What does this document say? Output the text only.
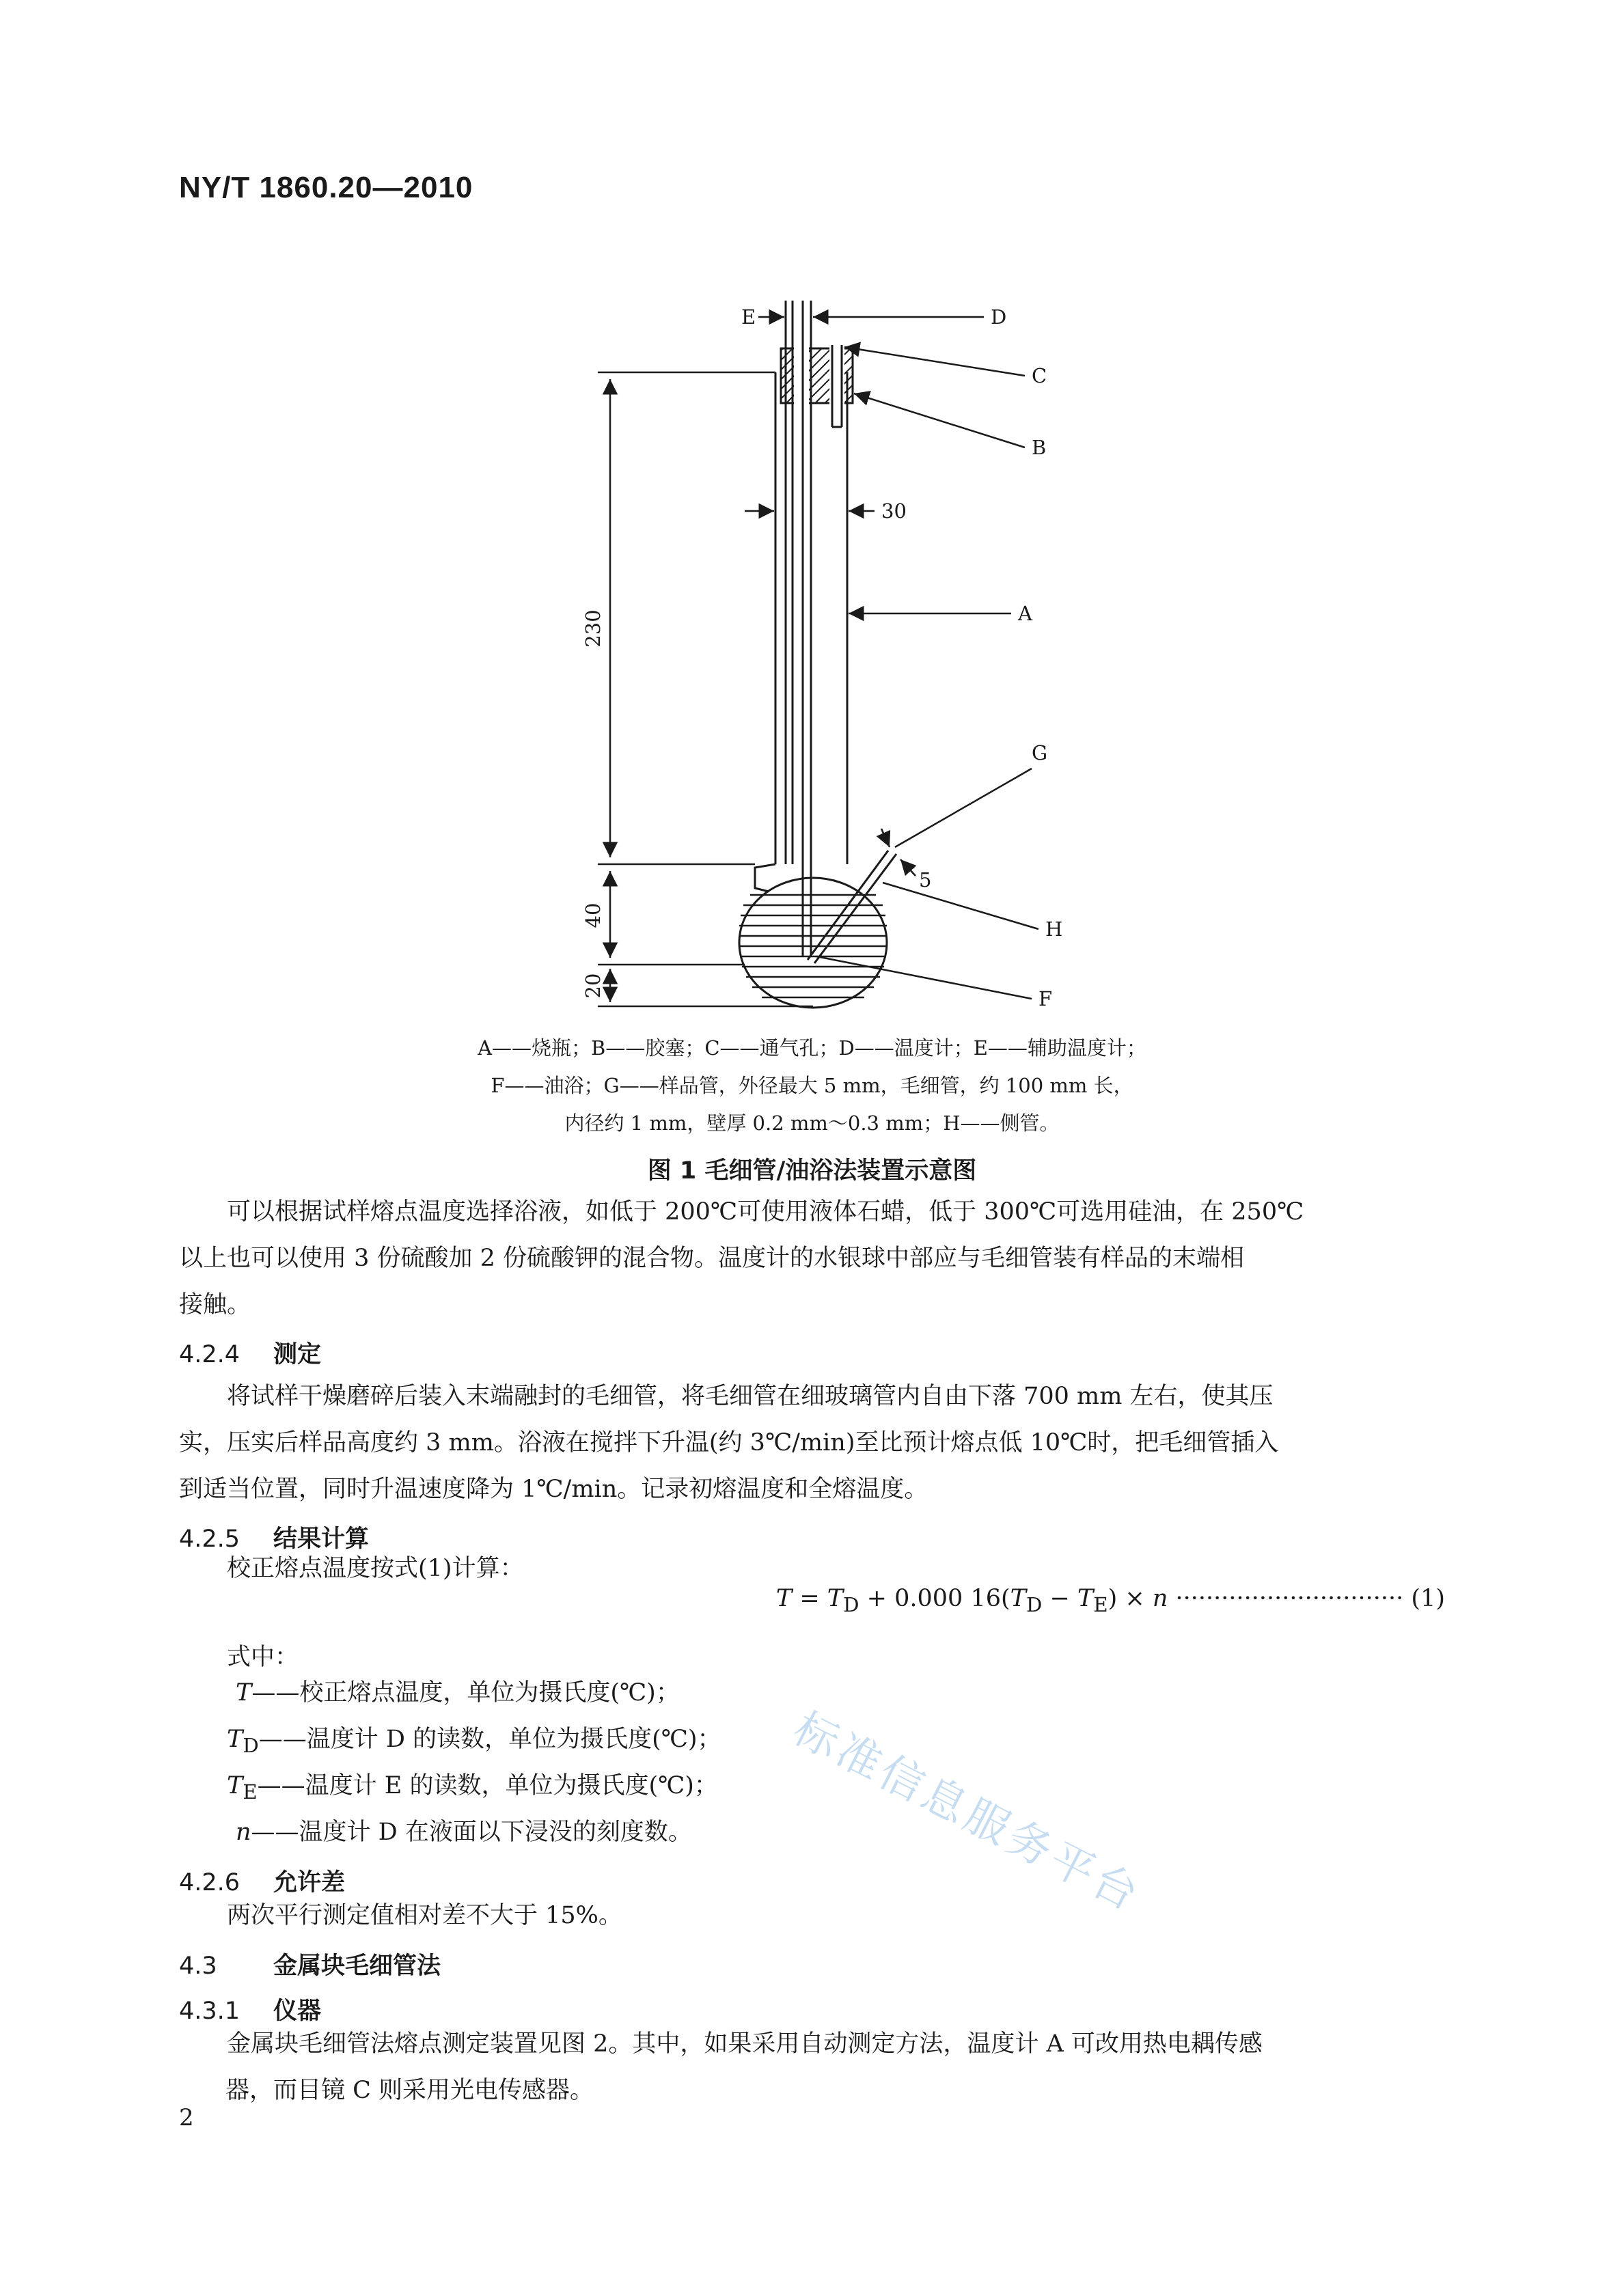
NY/T 1860.20—2010
E	D
C
B
A
G
H
F
30
5
230
40
20
A——烧瓶；B——胶塞；C——通气孔；D——温度计；E——辅助温度计；
F——油浴；G——样品管，外径最大 5 mm，毛细管，约 100 mm 长，
内径约 1 mm，壁厚 0.2 mm～0.3 mm；H——侧管。
图 1 毛细管/油浴法装置示意图
可以根据试样熔点温度选择浴液，如低于 200℃可使用液体石蜡，低于 300℃可选用硅油，在 250℃
以上也可以使用 3 份硫酸加 2 份硫酸钾的混合物。温度计的水银球中部应与毛细管装有样品的末端相
接触。
4.2.4 测定
将试样干燥磨碎后装入末端融封的毛细管，将毛细管在细玻璃管内自由下落 700 mm 左右，使其压
实，压实后样品高度约 3 mm。浴液在搅拌下升温(约 3℃/min)至比预计熔点低 10℃时，把毛细管插入
到适当位置，同时升温速度降为 1℃/min。记录初熔温度和全熔温度。
4.2.5 结果计算
校正熔点温度按式(1)计算：
$T = T_D + 0.000$ $16(T_D - T_E) \times n$ ······························ (1)
式中：
T——校正熔点温度，单位为摄氏度(℃)；
$T_D——$温度计 D 的读数，单位为摄氏度(℃)；
$T_E——$温度计 E 的读数，单位为摄氏度(℃)；
n——温度计 D 在液面以下浸没的刻度数。
4.2.6 允许差
两次平行测定值相对差不大于 15%。
4.3 金属块毛细管法
4.3.1 仪器
金属块毛细管法熔点测定装置见图 2。其中，如果采用自动测定方法，温度计 A 可改用热电耦传感
器，而目镜 C 则采用光电传感器。
标准信息服务平台
2
